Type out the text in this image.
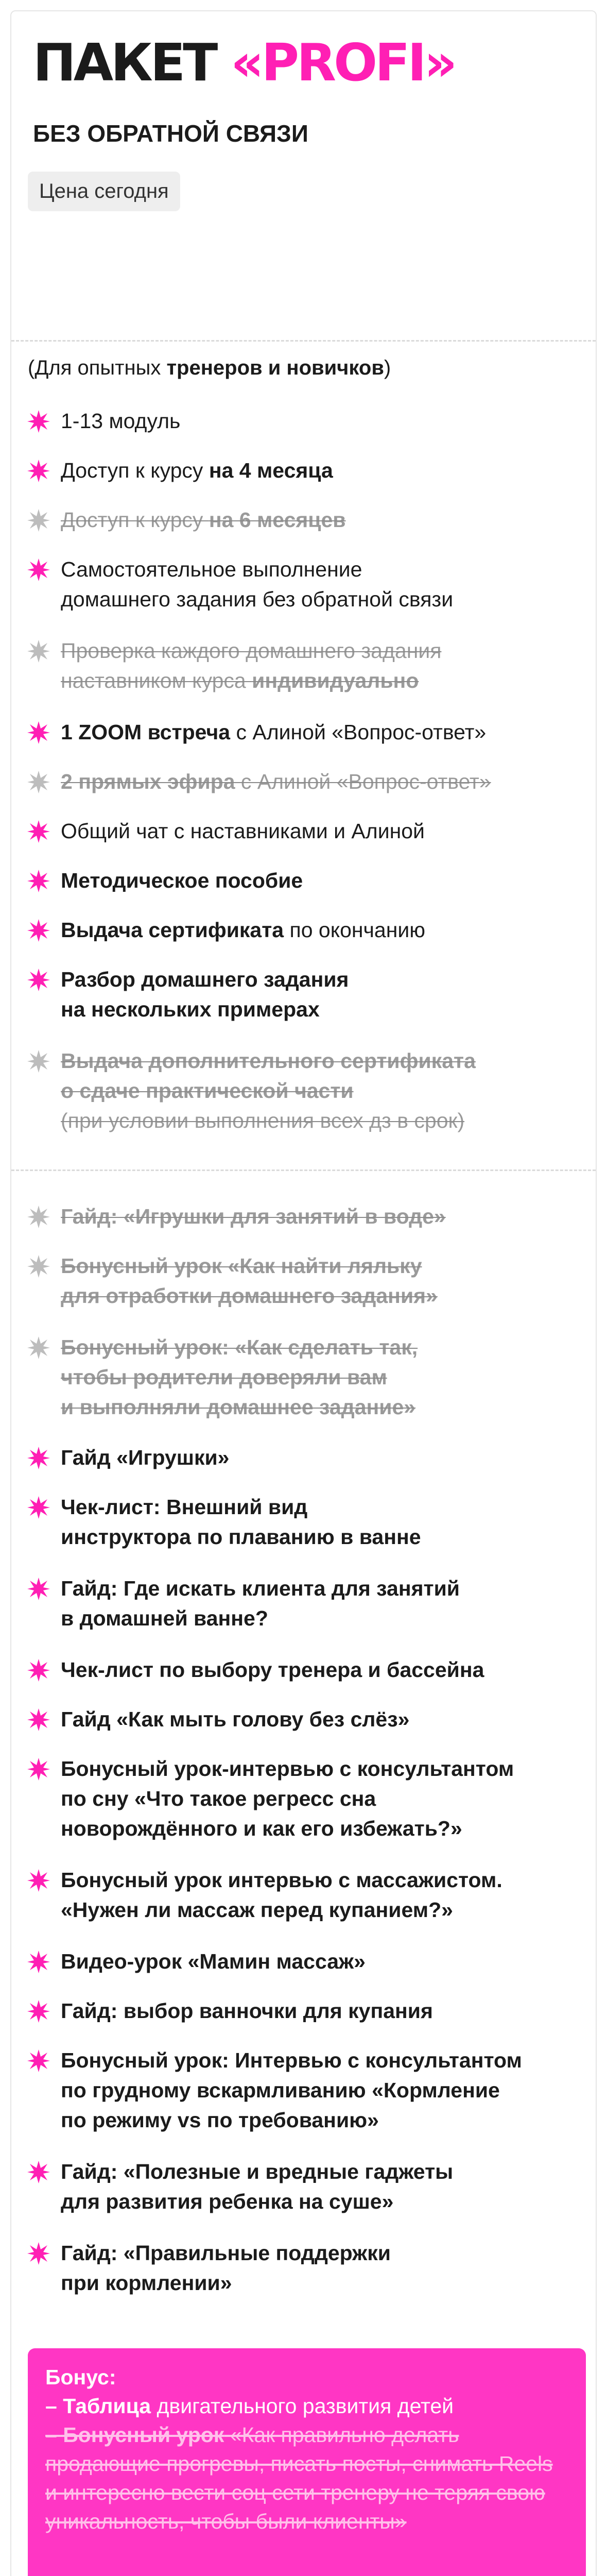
ПАКЕТ «PROFI»
БЕЗ ОБРАТНОЙ СВЯЗИ
Цена сегодня
(Для опытных тренеров и новичков)
1-13 модуль
Доступ к курсу на 4 месяца
Доступ к курсу на 6 месяцев
Самостоятельное выполнение
домашнего задания без обратной связи
Проверка каждого домашнего задания
наставником курса индивидуально
1 ZOOM встреча с Алиной «Вопрос-ответ»
2 прямых эфира с Алиной «Вопрос-ответ»
Общий чат с наставниками и Алиной
Методическое пособие
Выдача сертификата по окончанию
Разбор домашнего задания
на нескольких примерах
Выдача дополнительного сертификата
о сдаче практической части
(при условии выполнения всех дз в срок)
Гайд: «Игрушки для занятий в воде»
Бонусный урок «Как найти ляльку
для отработки домашнего задания»
Бонусный урок: «Как сделать так,
чтобы родители доверяли вам
и выполняли домашнее задание»
Гайд «Игрушки»
Чек-лист: Внешний вид
инструктора по плаванию в ванне
Гайд: Где искать клиента для занятий
в домашней ванне?
Чек-лист по выбору тренера и бассейна
Гайд «Как мыть голову без слёз»
Бонусный урок-интервью с консультантом
по сну «Что такое регресс сна
новорождённого и как его избежать?»
Бонусный урок интервью с массажистом.
«Нужен ли массаж перед купанием?»
Видео-урок «Мамин массаж»
Гайд: выбор ванночки для купания
Бонусный урок: Интервью с консультантом
по грудному вскармливанию «Кормление
по режиму vs по требованию»
Гайд: «Полезные и вредные гаджеты
для развития ребенка на суше»
Гайд: «Правильные поддержки
при кормлении»

Бонус:
– Таблица двигательного развития детей
– Бонусный урок «Как правильно делать продающие прогревы, писать посты, снимать Reels и интересно вести соц сети тренеру не теряя свою уникальность, чтобы были клиенты»
